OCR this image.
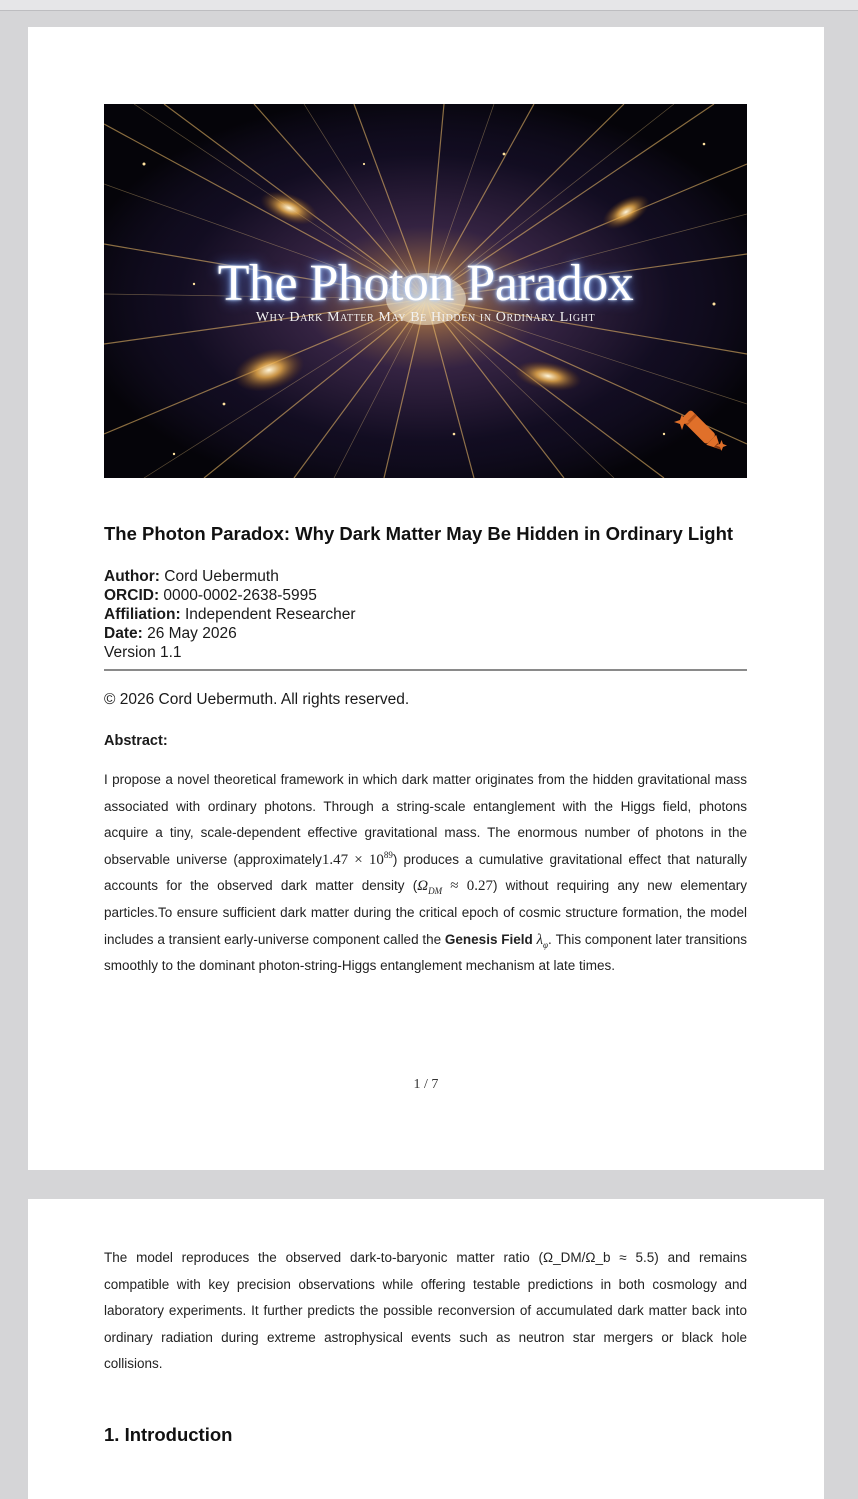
The Photon Paradox
Why Dark Matter May Be Hidden in Ordinary Light
The Photon Paradox: Why Dark Matter May Be Hidden in Ordinary Light
Author: Cord Uebermuth
ORCID: 0000-0002-2638-5995
Affiliation: Independent Researcher
Date: 26 May 2026
Version 1.1
© 2026 Cord Uebermuth. All rights reserved.
Abstract:
I propose a novel theoretical framework in which dark matter originates from the hidden gravitational mass associated with ordinary photons. Through a string-scale entanglement with the Higgs field, photons acquire a tiny, scale-dependent effective gravitational mass. The enormous number of photons in the observable universe (approximately1.47 × $10^{89}$) produces a cumulative gravitational effect that naturally accounts for the observed dark matter density $(\Omega_{DM} \approx 0.27)$ without requiring any new elementary particles.To ensure sufficient dark matter during the critical epoch of cosmic structure formation, the model includes a transient early-universe component called the Genesis Field $\lambda_\varphi$. This component later transitions smoothly to the dominant photon-string-Higgs entanglement mechanism at late times.
1 / 7
The model reproduces the observed dark-to-baryonic matter ratio (Ω_DM/Ω_b ≈ 5.5) and remains compatible with key precision observations while offering testable predictions in both cosmology and laboratory experiments. It further predicts the possible reconversion of accumulated dark matter back into ordinary radiation during extreme astrophysical events such as neutron star mergers or black hole collisions.
1. Introduction
